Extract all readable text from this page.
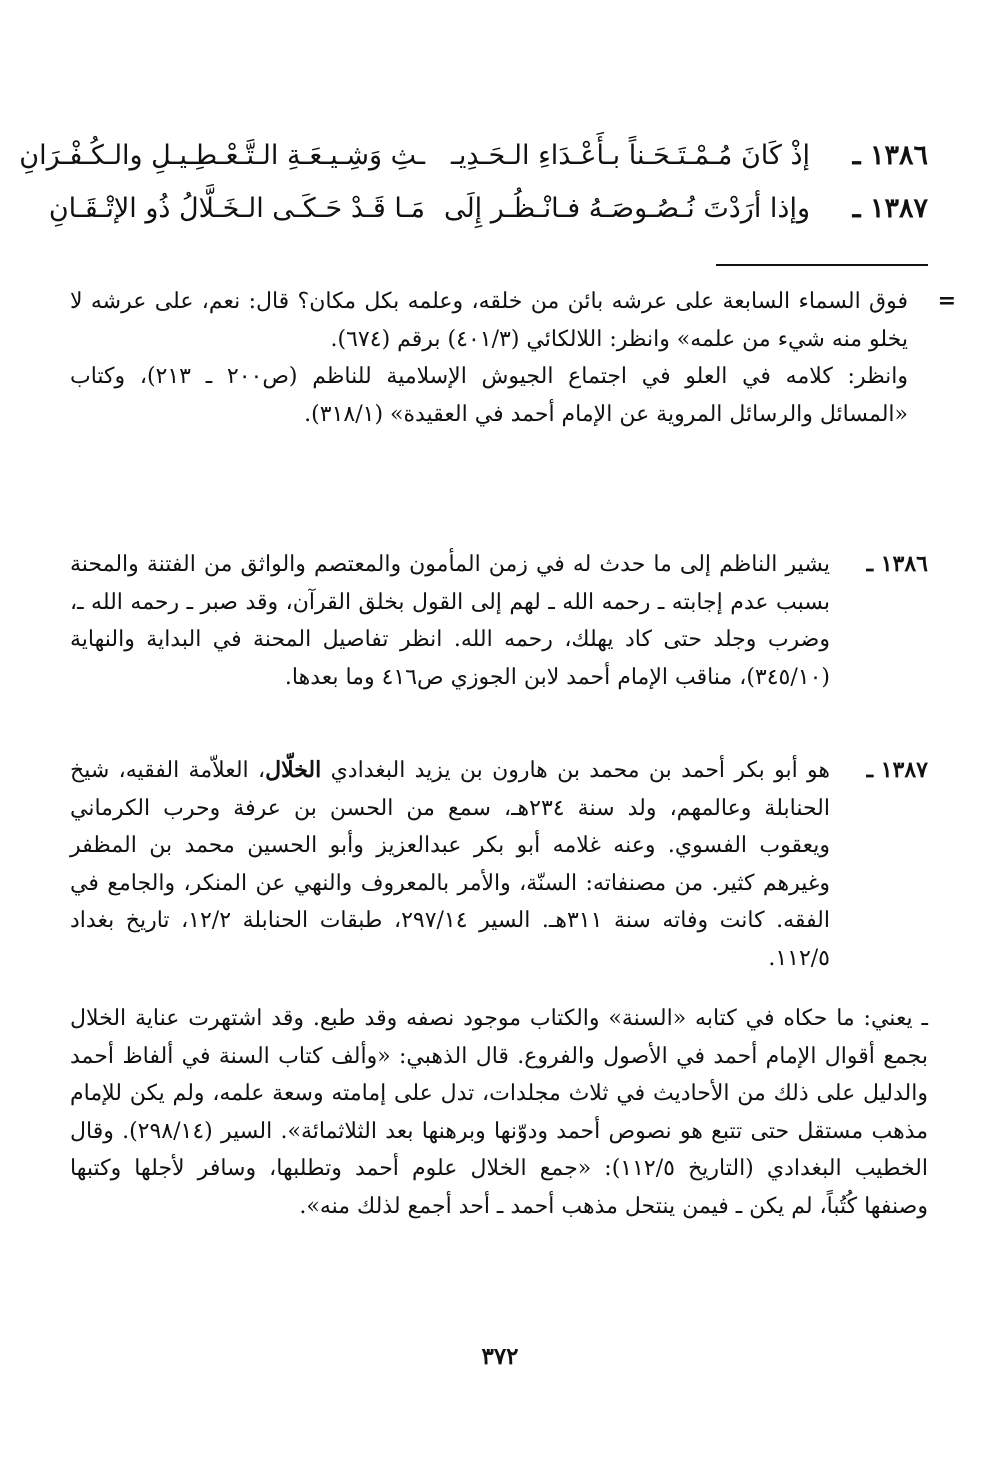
١٣٨٦ ـ
إذْ كَانَ مُـمْـتَـحَـناً بـأَعْـدَاءِ الـحَـدِيـ
ـثِ وَشِـيـعَـةِ الـتَّـعْـطِـيـلِ والـكُـفْـرَانِ
١٣٨٧ ـ
وإذا أرَدْتَ نُـصُـوصَـهُ فـانْـظُـر إِلَى
مَـا قَـدْ حَـكَـى الـخَـلَّالُ ذُو الإتْـقَـانِ
=
فوق السماء السابعة على عرشه بائن من خلقه، وعلمه بكل مكان؟ قال: نعم، على عرشه لا يخلو منه شيء من علمه» وانظر: اللالكائي (٤٠١/٣) برقم (٦٧٤).
وانظر: كلامه في العلو في اجتماع الجيوش الإسلامية للناظم (ص٢٠٠ ـ ٢١٣)، وكتاب «المسائل والرسائل المروية عن الإمام أحمد في العقيدة» (٣١٨/١).
١٣٨٦ ـ
يشير الناظم إلى ما حدث له في زمن المأمون والمعتصم والواثق من الفتنة والمحنة بسبب عدم إجابته ـ رحمه الله ـ لهم إلى القول بخلق القرآن، وقد صبر ـ رحمه الله ـ، وضرب وجلد حتى كاد يهلك، رحمه الله. انظر تفاصيل المحنة في البداية والنهاية (٣٤٥/١٠)، مناقب الإمام أحمد لابن الجوزي ص٤١٦ وما بعدها.
١٣٨٧ ـ
هو أبو بكر أحمد بن محمد بن هارون بن يزيد البغدادي الخلّال، العلاّمة الفقيه، شيخ الحنابلة وعالمهم، ولد سنة ٢٣٤هـ، سمع من الحسن بن عرفة وحرب الكرماني ويعقوب الفسوي. وعنه غلامه أبو بكر عبدالعزيز وأبو الحسين محمد بن المظفر وغيرهم كثير. من مصنفاته: السنّة، والأمر بالمعروف والنهي عن المنكر، والجامع في الفقه. كانت وفاته سنة ٣١١هـ. السير ٢٩٧/١٤، طبقات الحنابلة ١٢/٢، تاريخ بغداد ١١٢/٥.
ـ يعني: ما حكاه في كتابه «السنة» والكتاب موجود نصفه وقد طبع. وقد اشتهرت عناية الخلال بجمع أقوال الإمام أحمد في الأصول والفروع. قال الذهبي: «وألف كتاب السنة في ألفاظ أحمد والدليل على ذلك من الأحاديث في ثلاث مجلدات، تدل على إمامته وسعة علمه، ولم يكن للإمام مذهب مستقل حتى تتبع هو نصوص أحمد ودوّنها وبرهنها بعد الثلاثمائة». السير (٢٩٨/١٤). وقال الخطيب البغدادي (التاريخ ١١٢/٥): «جمع الخلال علوم أحمد وتطلبها، وسافر لأجلها وكتبها وصنفها كُتُباً، لم يكن ـ فيمن ينتحل مذهب أحمد ـ أحد أجمع لذلك منه».
٣٧٢
